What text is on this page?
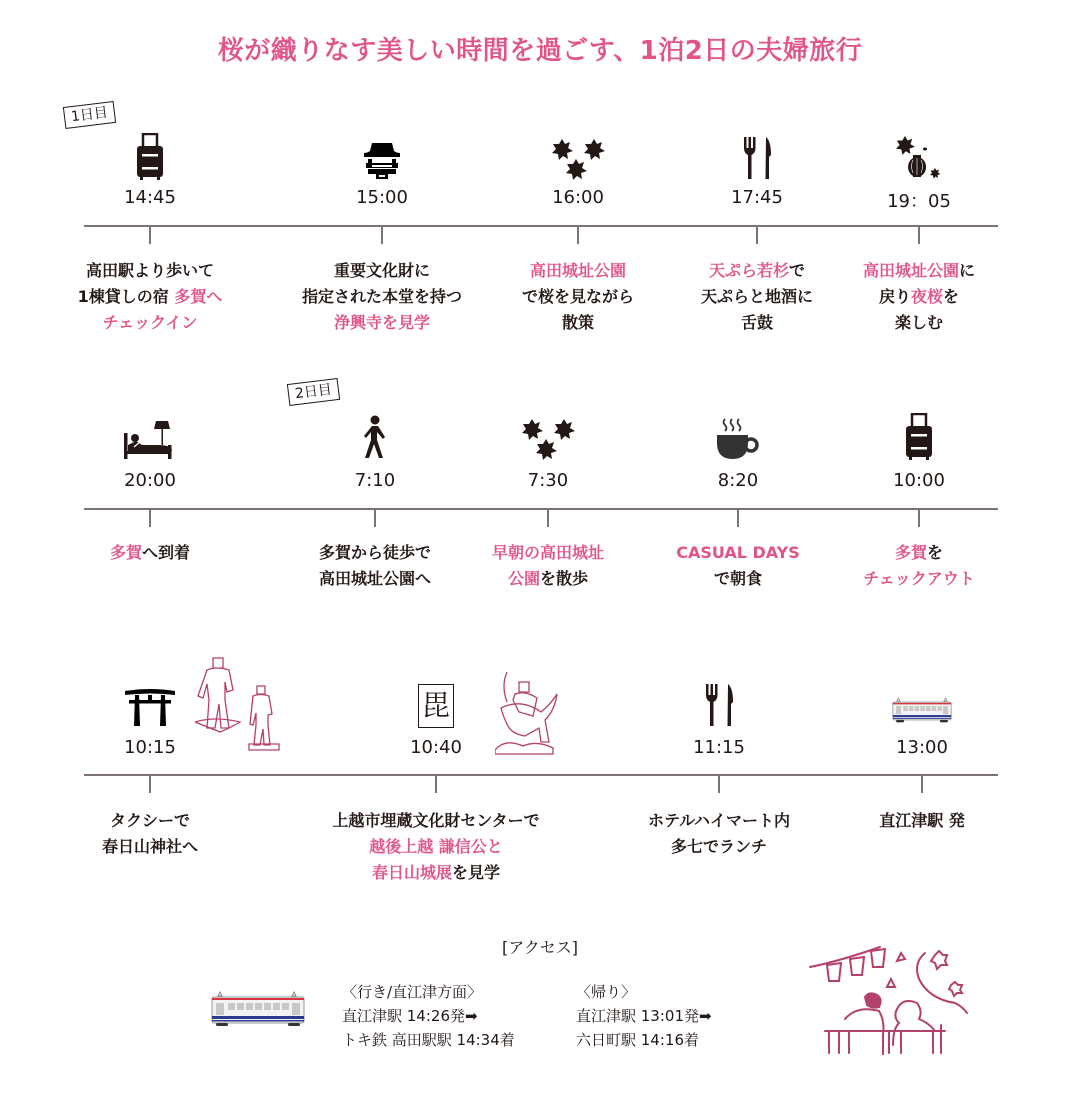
桜が織りなす美しい時間を過ごす、1泊2日の夫婦旅行
1日目
2日目
14:45
高田駅より歩いて
1棟貸しの宿 多賀へ
チェックイン
15:00
重要文化財に
指定された本堂を持つ
浄興寺を見学
16:00
高田城址公園
で桜を見ながら
散策
17:45
天ぷら若杉で
天ぷらと地酒に
舌鼓
19：05
高田城址公園に
戻り夜桜を
楽しむ
20:00
多賀へ到着
7:10
多賀から徒歩で
高田城址公園へ
7:30
早朝の高田城址
公園を散歩
8:20
CASUAL DAYS
で朝食
10:00
多賀を
チェックアウト
10:15
タクシーで
春日山神社へ
毘
10:40
上越市埋蔵文化財センターで
越後上越 謙信公と
春日山城展を見学
11:15
ホテルハイマート内
多七でランチ
13:00
直江津駅 発
[アクセス]
〈行き/直江津方面〉
直江津駅 14:26発➡
トキ鉄 高田駅駅 14:34着
〈帰り〉
直江津駅 13:01発➡
六日町駅 14:16着
